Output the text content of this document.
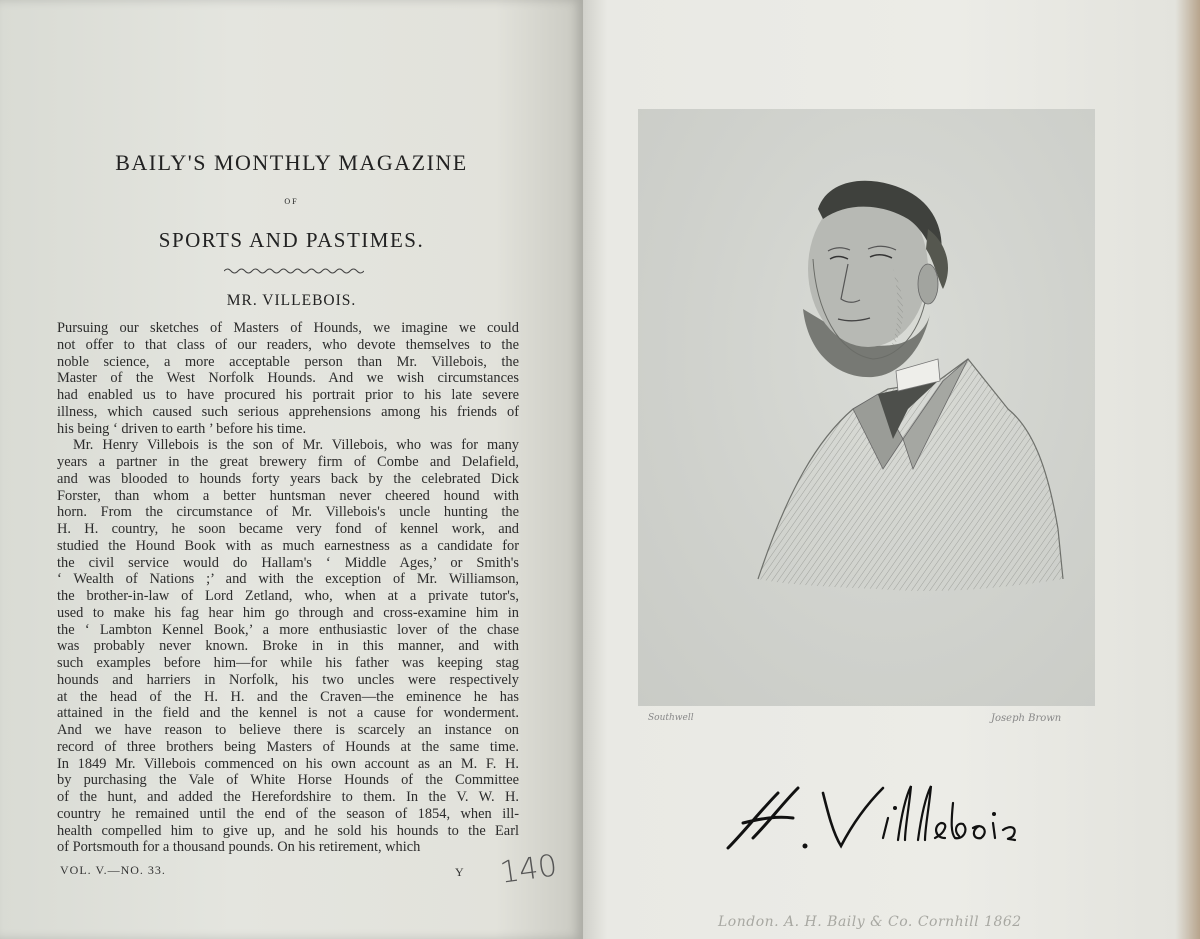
BAILY'S MONTHLY MAGAZINE
OF
SPORTS AND PASTIMES.
MR. VILLEBOIS.
Pursuing our sketches of Masters of Hounds, we imagine we could
not offer to that class of our readers, who devote themselves to the
noble science, a more acceptable person than Mr. Villebois, the
Master of the West Norfolk Hounds. And we wish circumstances
had enabled us to have procured his portrait prior to his late severe
illness, which caused such serious apprehensions among his friends of
his being ‘ driven to earth ’ before his time.
Mr. Henry Villebois is the son of Mr. Villebois, who was for many
years a partner in the great brewery firm of Combe and Delafield,
and was blooded to hounds forty years back by the celebrated Dick
Forster, than whom a better huntsman never cheered hound with
horn. From the circumstance of Mr. Villebois's uncle hunting the
H. H. country, he soon became very fond of kennel work, and
studied the Hound Book with as much earnestness as a candidate for
the civil service would do Hallam's ‘ Middle Ages,’ or Smith's
‘ Wealth of Nations ;’ and with the exception of Mr. Williamson,
the brother-in-law of Lord Zetland, who, when at a private tutor's,
used to make his fag hear him go through and cross-examine him in
the ‘ Lambton Kennel Book,’ a more enthusiastic lover of the chase
was probably never known. Broke in in this manner, and with
such examples before him—for while his father was keeping stag
hounds and harriers in Norfolk, his two uncles were respectively
at the head of the H. H. and the Craven—the eminence he has
attained in the field and the kennel is not a cause for wonderment.
And we have reason to believe there is scarcely an instance on
record of three brothers being Masters of Hounds at the same time.
In 1849 Mr. Villebois commenced on his own account as an M. F. H.
by purchasing the Vale of White Horse Hounds of the Committee
of the hunt, and added the Herefordshire to them. In the V. W. H.
country he remained until the end of the season of 1854, when ill-
health compelled him to give up, and he sold his hounds to the Earl
of Portsmouth for a thousand pounds. On his retirement, which
VOL. V.—NO. 33.	Y 140
Southwell	Joseph Brown
London. A. H. Baily & Co. Cornhill 1862
